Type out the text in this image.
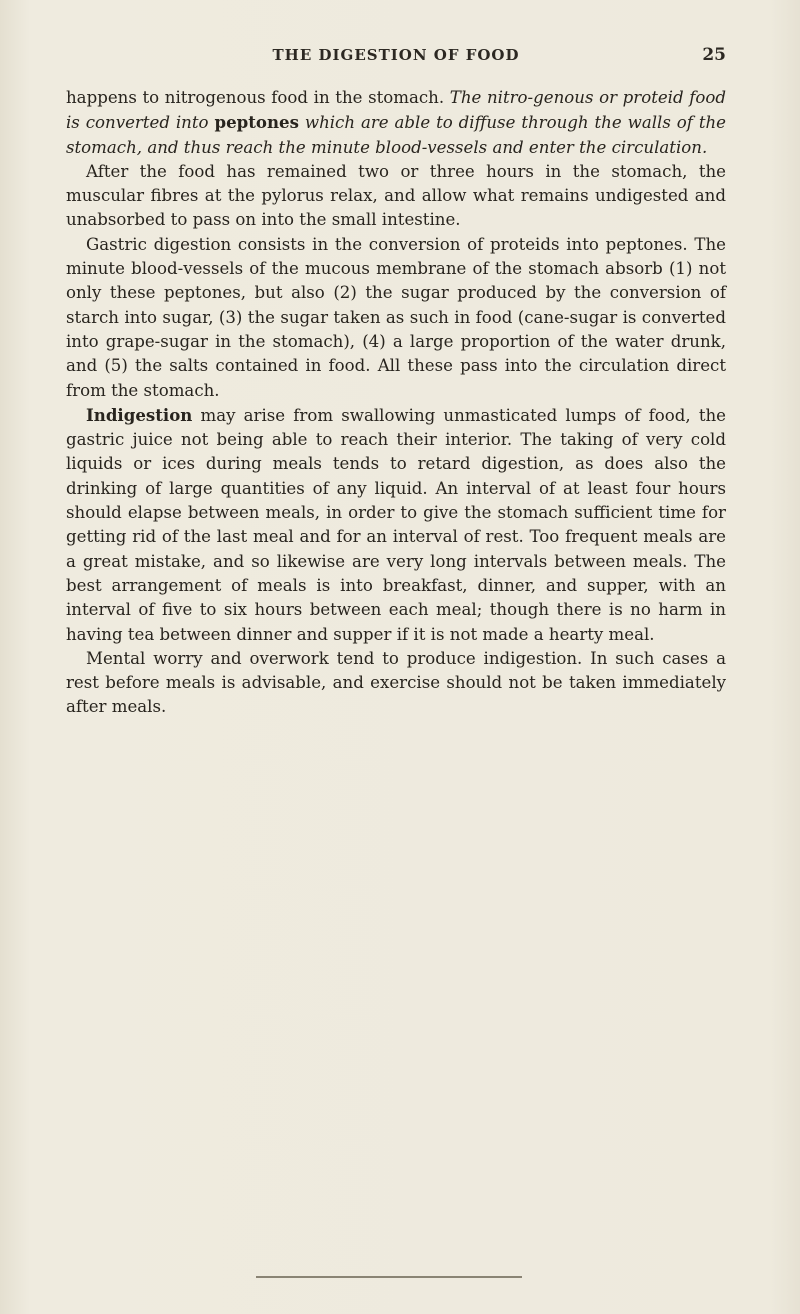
THE DIGESTION OF FOOD	25

happens to nitrogenous food in the stomach. The nitro-genous or proteid food is converted into peptones which are able to diffuse through the walls of the stomach, and thus reach the minute blood-vessels and enter the circulation.

After the food has remained two or three hours in the stomach, the muscular fibres at the pylorus relax, and allow what remains undigested and unabsorbed to pass on into the small intestine.

Gastric digestion consists in the conversion of proteids into peptones. The minute blood-vessels of the mucous membrane of the stomach absorb (1) not only these peptones, but also (2) the sugar produced by the conversion of starch into sugar, (3) the sugar taken as such in food (cane-sugar is converted into grape-sugar in the stomach), (4) a large proportion of the water drunk, and (5) the salts contained in food. All these pass into the circulation direct from the stomach.

Indigestion may arise from swallowing unmasticated lumps of food, the gastric juice not being able to reach their interior. The taking of very cold liquids or ices during meals tends to retard digestion, as does also the drinking of large quantities of any liquid. An interval of at least four hours should elapse between meals, in order to give the stomach sufficient time for getting rid of the last meal and for an interval of rest. Too frequent meals are a great mistake, and so likewise are very long intervals between meals. The best arrangement of meals is into breakfast, dinner, and supper, with an interval of five to six hours between each meal; though there is no harm in having tea between dinner and supper if it is not made a hearty meal.

Mental worry and overwork tend to produce indigestion. In such cases a rest before meals is advisable, and exercise should not be taken immediately after meals.
